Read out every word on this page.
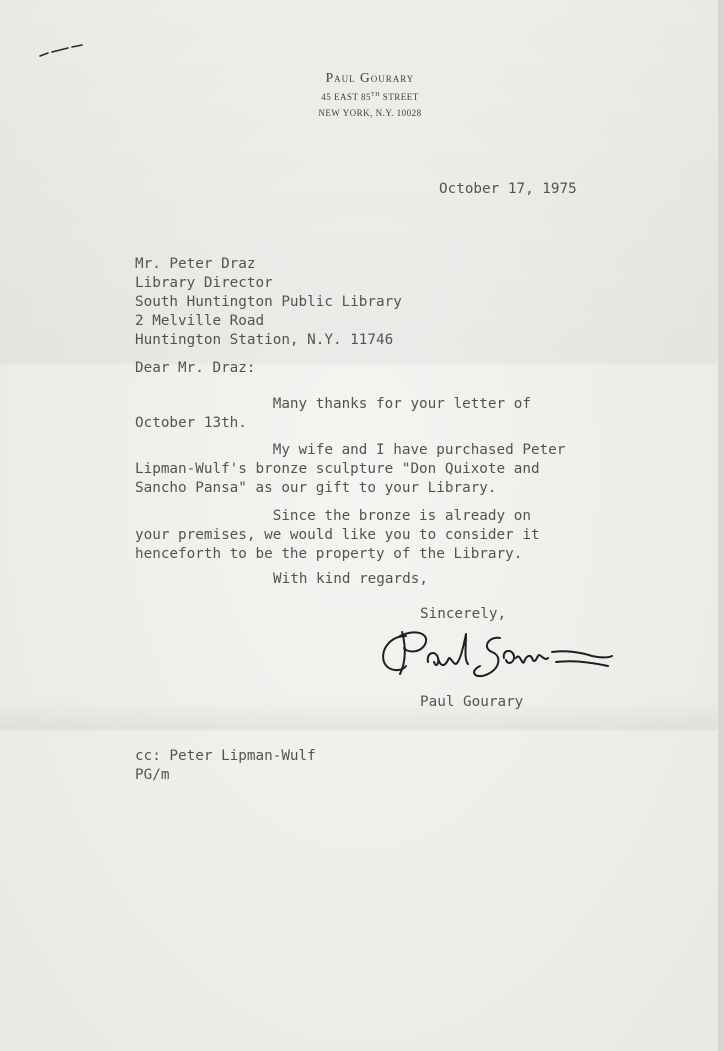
Paul Gourary
45 EAST 85TH STREET
NEW YORK, N.Y. 10028
October 17, 1975
Mr. Peter Draz
Library Director
South Huntington Public Library
2 Melville Road
Huntington Station, N.Y. 11746
Dear Mr. Draz:
Many thanks for your letter of
October 13th.
My wife and I have purchased Peter
Lipman-Wulf's bronze sculpture "Don Quixote and
Sancho Pansa" as our gift to your Library.
Since the bronze is already on
your premises, we would like you to consider it
henceforth to be the property of the Library.
With kind regards,
Sincerely,
Paul Gourary
cc: Peter Lipman-Wulf
PG/m
